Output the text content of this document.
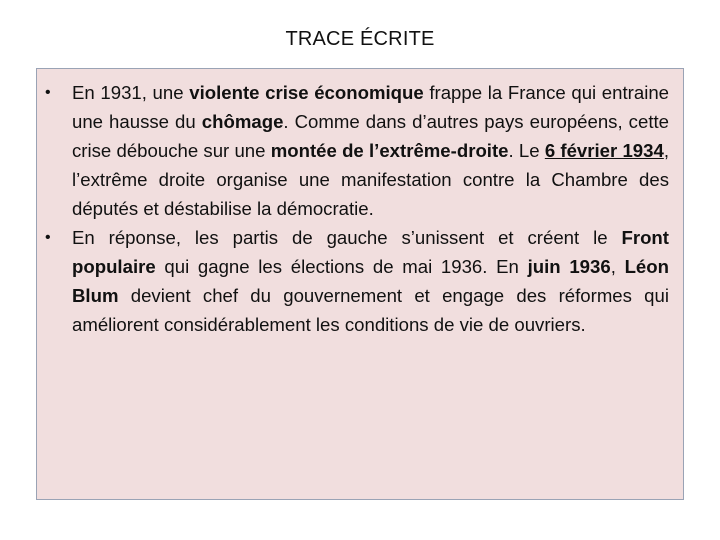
TRACE ÉCRITE
• En 1931, une violente crise économique frappe la France qui entraine une hausse du chômage. Comme dans d’autres pays européens, cette crise débouche sur une montée de l’extrême-droite. Le 6 février 1934, l’extrême droite organise une manifestation contre la Chambre des députés et déstabilise la démocratie.
• En réponse, les partis de gauche s’unissent et créent le Front populaire qui gagne les élections de mai 1936. En juin 1936, Léon Blum devient chef du gouvernement et engage des réformes qui améliorent considérablement les conditions de vie de ouvriers.
